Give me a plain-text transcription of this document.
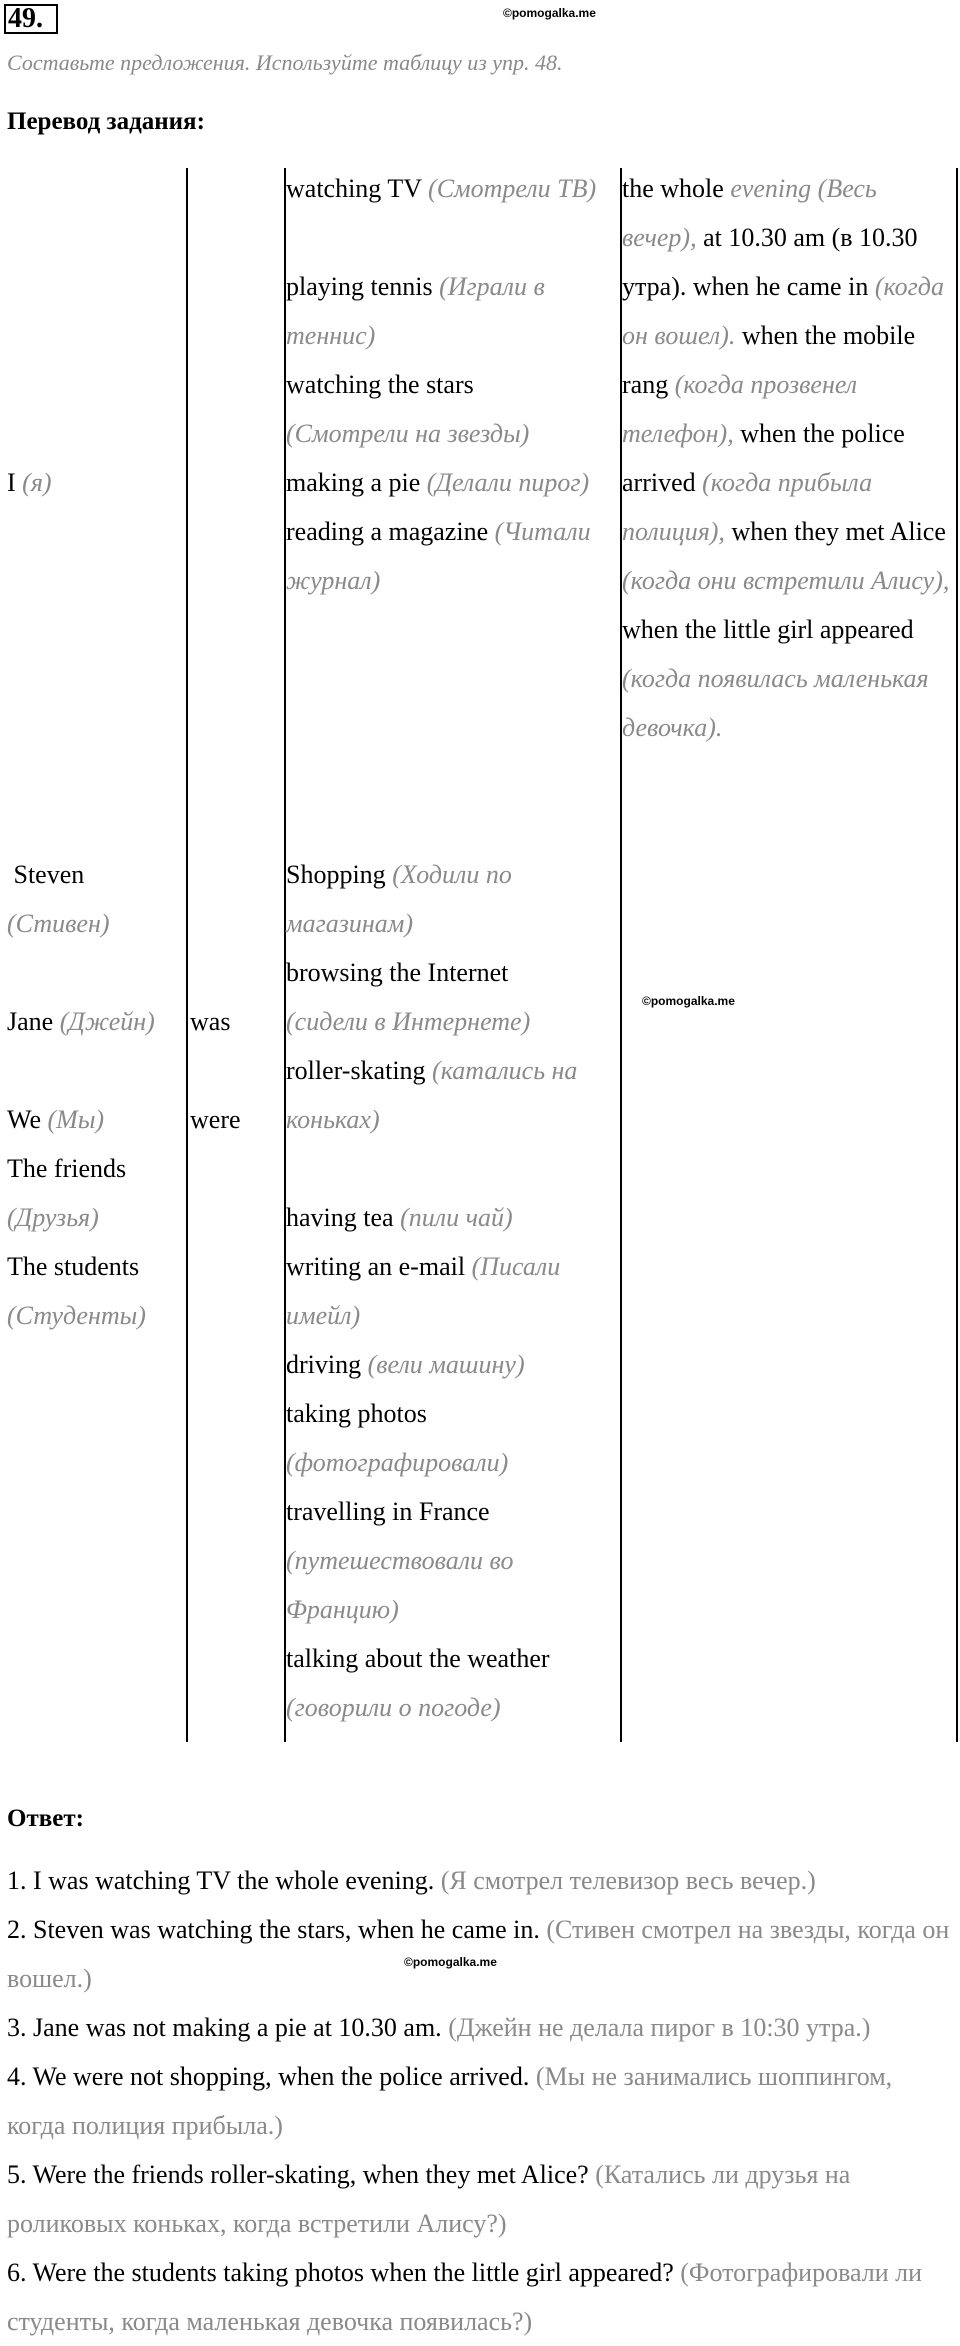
49.	©pomogalka.me
Составьте предложения. Используйте таблицу из упр. 48.
Перевод задания:
I (я)
Steven
(Стивен)
Jane (Джейн)
We (Мы)
The friends
(Друзья)
The students
(Студенты)
was
were
watching TV (Смотрели ТВ)
playing tennis (Играли в теннис)
watching the stars
(Смотрели на звезды)
making a pie (Делали пирог)
reading a magazine (Читали журнал)
Shopping (Ходили по магазинам)
browsing the Internet
(сидели в Интернете)
roller-skating (катались на коньках)
having tea (пили чай)
writing an e-mail (Писали имейл)
driving (вели машину)
taking photos
(фотографировали)
travelling in France
(путешествовали во Францию)
talking about the weather
(говорили о погоде)
the whole evening (Весь вечер), at 10.30 am (в 10.30 утра). when he came in (когда он вошел). when the mobile rang (когда прозвенел телефон), when the police arrived (когда прибыла полиция), when they met Alice (когда они встретили Алису), when the little girl appeared (когда появилась маленькая девочка).
©pomogalka.me
Ответ:
1. I was watching TV the whole evening. (Я смотрел телевизор весь вечер.)
2. Steven was watching the stars, when he came in. (Стивен смотрел на звезды, когда он вошел.)
©pomogalka.me
3. Jane was not making a pie at 10.30 am. (Джейн не делала пирог в 10:30 утра.)
4. We were not shopping, when the police arrived. (Мы не занимались шоппингом, когда полиция прибыла.)
5. Were the friends roller-skating, when they met Alice? (Катались ли друзья на роликовых коньках, когда встретили Алису?)
6. Were the students taking photos when the little girl appeared? (Фотографировали ли студенты, когда маленькая девочка появилась?)
